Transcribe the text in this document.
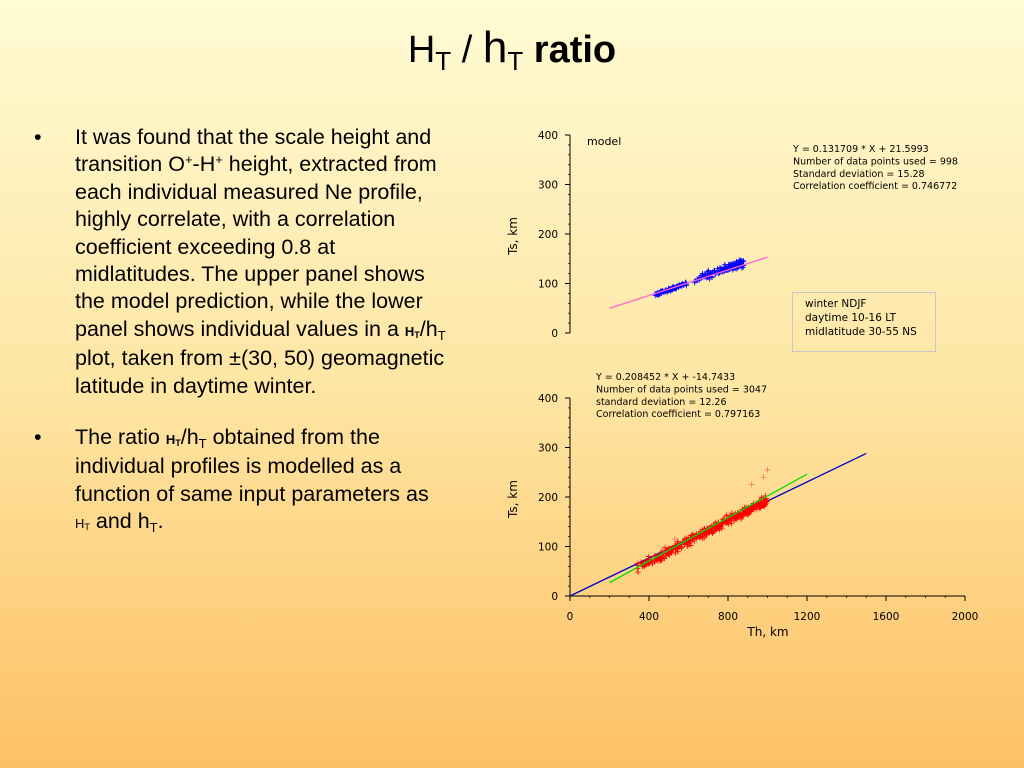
$H_T / h_T$ ratio
• It was found that the scale height and transition O+-H+ height, extracted from each individual measured Ne profile, highly correlate, with a correlation coefficient exceeding 0.8 at midlatitudes. The upper panel shows the model prediction, while the lower panel shows individual values in a $H_T/h_T$ plot, taken from ±(30, 50) geomagnetic latitude in daytime winter.
• The ratio $H_T/h_T$ obtained from the individual profiles is modelled as a function of same input parameters as $H_T$ and $h_T$.
400
300
200
100
0
Ts, km
model
Y = 0.131709 * X + 21.5993
Number of data points used = 998
Standard deviation = 15.28
Correlation coefficient = 0.746772
400
300
200
100
0
Ts, km
0	400	800	1200	1600	2000
Th, km
Y = 0.208452 * X + -14.7433
Number of data points used = 3047
standard deviation = 12.26
Correlation coefficient = 0.797163
winter NDJF
daytime 10-16 LT
midlatitude 30-55 NS
